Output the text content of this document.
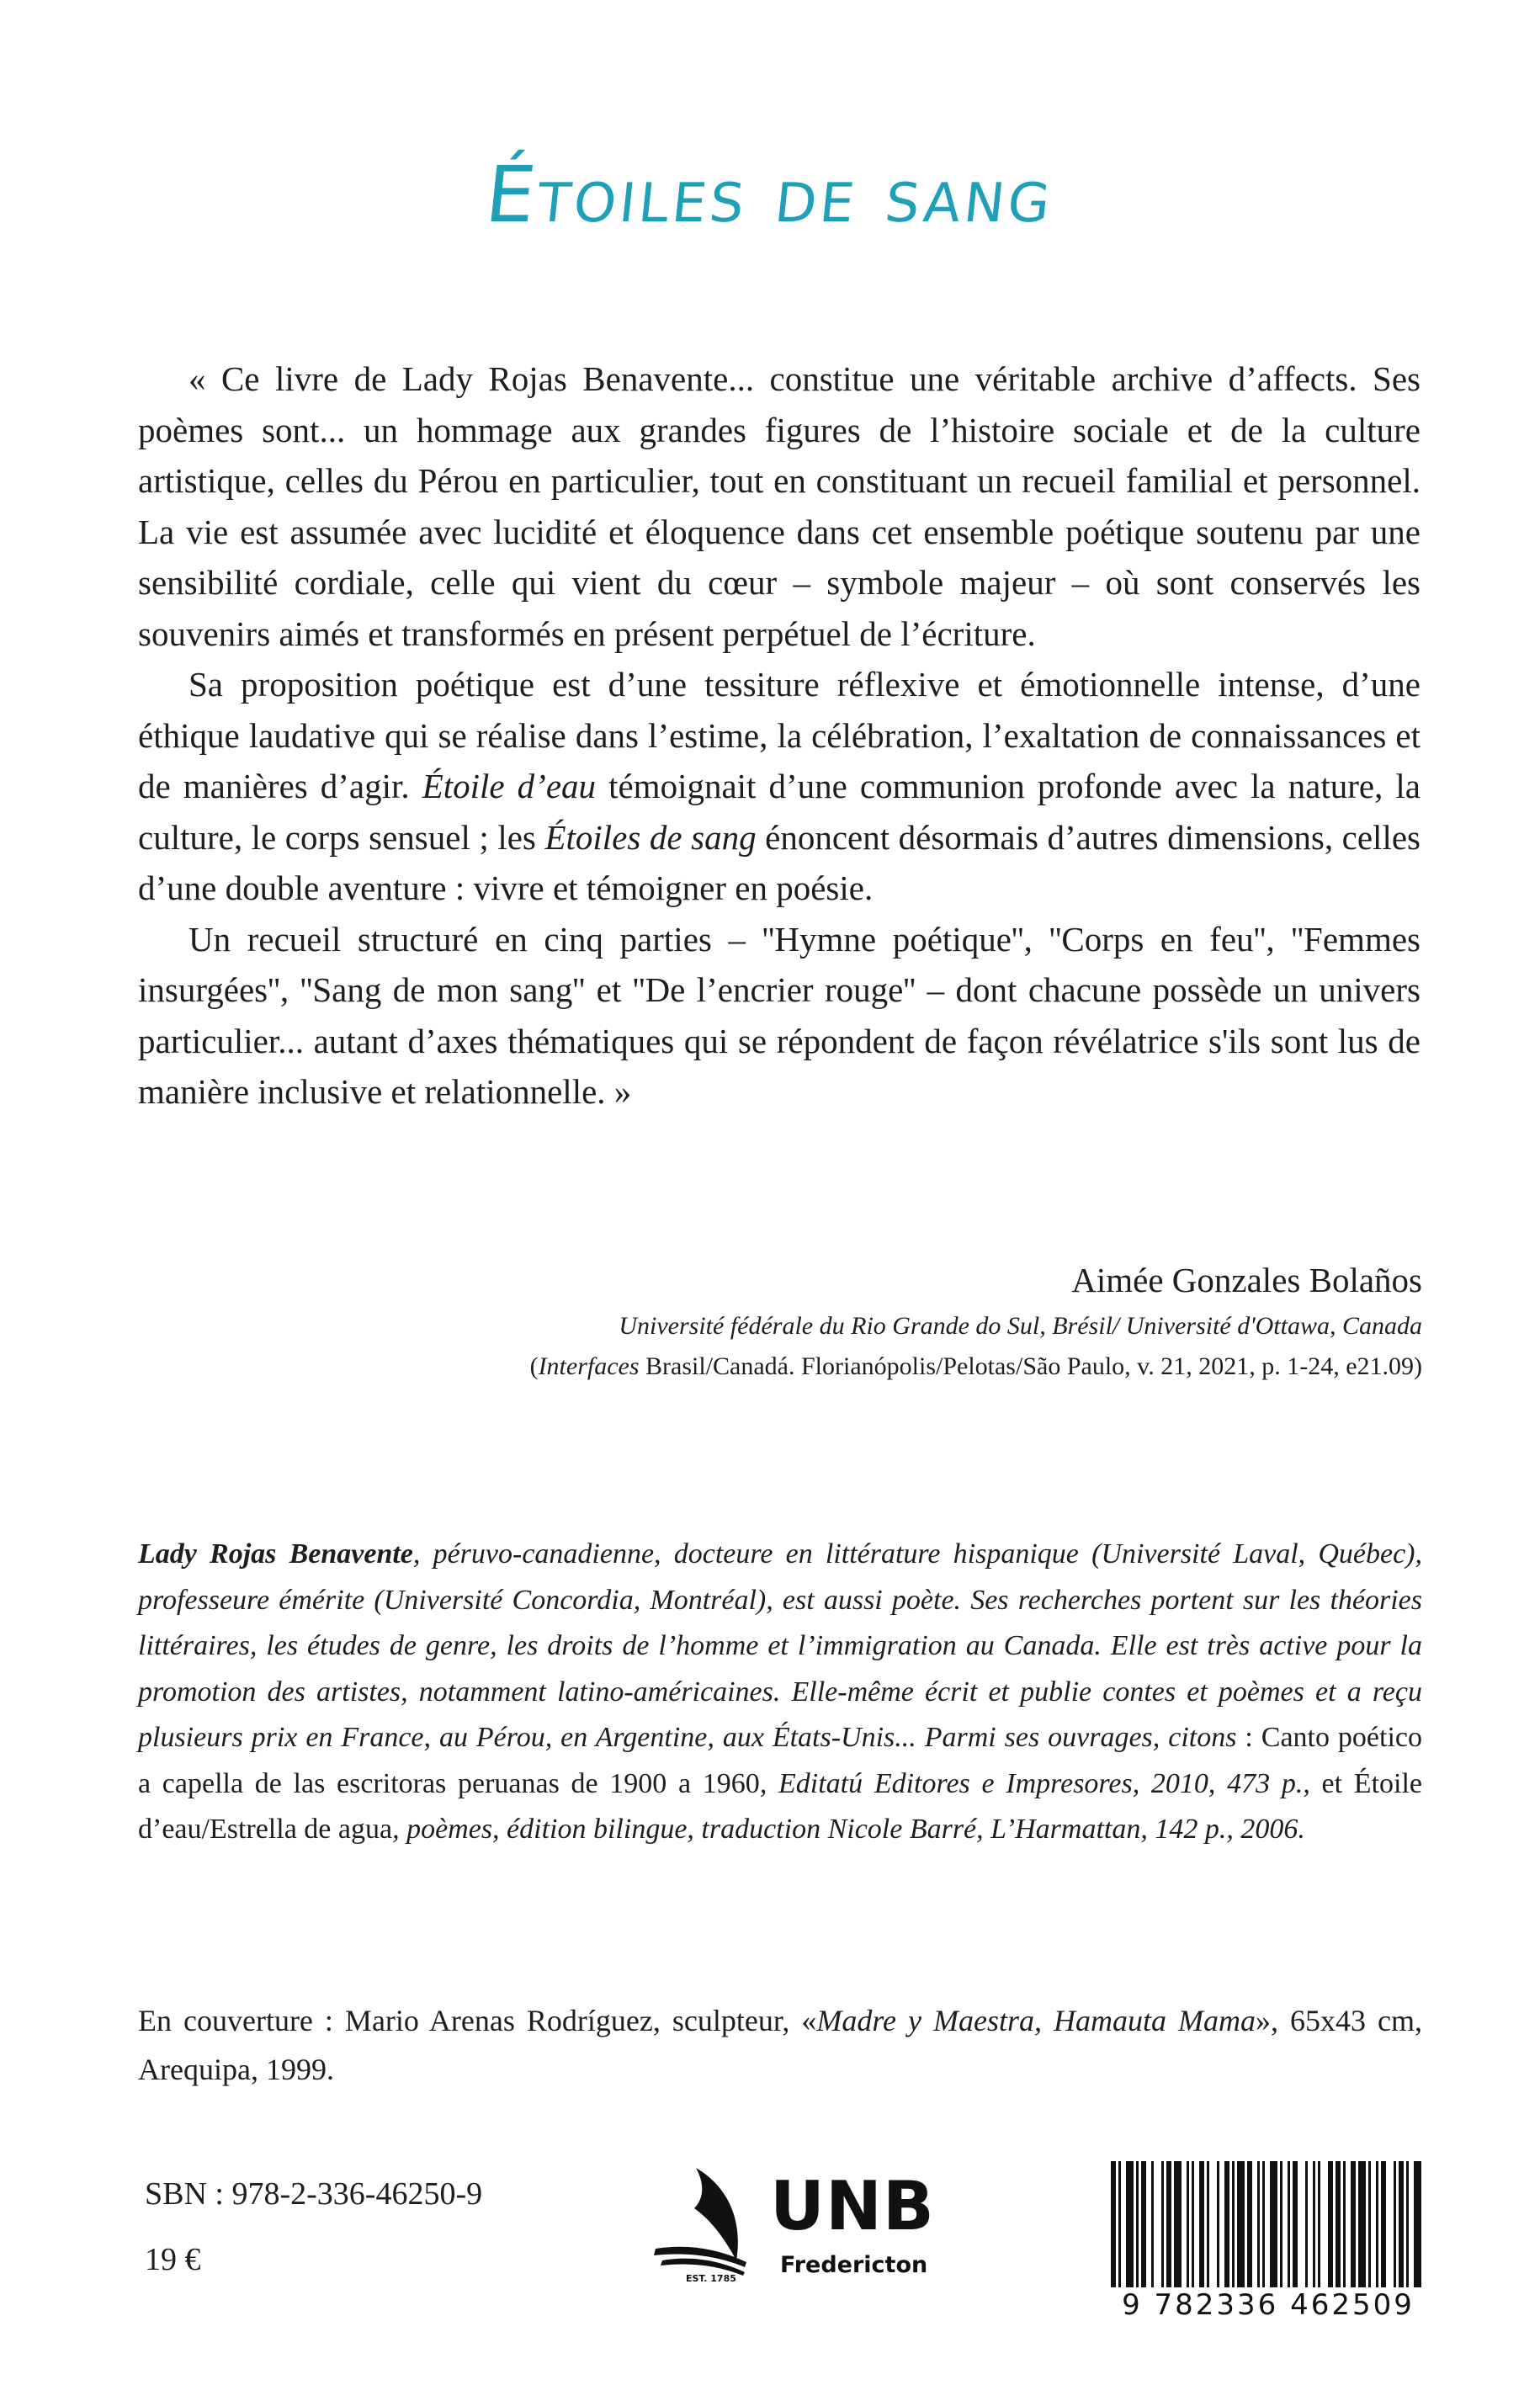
Étoiles de sang

« Ce livre de Lady Rojas Benavente... constitue une véritable archive d’affects. Ses poèmes sont... un hommage aux grandes figures de l’histoire sociale et de la culture artistique, celles du Pérou en particulier, tout en constituant un recueil familial et personnel. La vie est assumée avec lucidité et éloquence dans cet ensemble poétique soutenu par une sensibilité cordiale, celle qui vient du cœur – symbole majeur – où sont conservés les souvenirs aimés et transformés en présent perpétuel de l’écriture.

Sa proposition poétique est d’une tessiture réflexive et émotionnelle intense, d’une éthique laudative qui se réalise dans l’estime, la célébration, l’exaltation de connaissances et de manières d’agir. Étoile d’eau témoignait d’une communion profonde avec la nature, la culture, le corps sensuel ; les Étoiles de sang énoncent désormais d’autres dimensions, celles d’une double aventure : vivre et témoigner en poésie.

Un recueil structuré en cinq parties – ''Hymne poétique'', ''Corps en feu'', ''Femmes insurgées'', ''Sang de mon sang'' et ''De l’encrier rouge'' – dont chacune possède un univers particulier... autant d’axes thématiques qui se répondent de façon révélatrice s'ils sont lus de manière inclusive et relationnelle. »

Aimée Gonzales Bolaños
Université fédérale du Rio Grande do Sul, Brésil/ Université d'Ottawa, Canada
(Interfaces Brasil/Canadá. Florianópolis/Pelotas/São Paulo, v. 21, 2021, p. 1-24, e21.09)
Lady Rojas Benavente, péruvo-canadienne, docteure en littérature hispanique (Université Laval, Québec), professeure émérite (Université Concordia, Montréal), est aussi poète. Ses recherches portent sur les théories littéraires, les études de genre, les droits de l’homme et l’immigration au Canada. Elle est très active pour la promotion des artistes, notamment latino-américaines. Elle-même écrit et publie contes et poèmes et a reçu plusieurs prix en France, au Pérou, en Argentine, aux États-Unis... Parmi ses ouvrages, citons : Canto poético a capella de las escritoras peruanas de 1900 a 1960, Editatú Editores e Impresores, 2010, 473 p., et Étoile d’eau/Estrella de agua, poèmes, édition bilingue, traduction Nicole Barré, L’Harmattan, 142 p., 2006.
En couverture : Mario Arenas Rodríguez, sculpteur, «Madre y Maestra, Hamauta Mama», 65x43 cm, Arequipa, 1999.
SBN : 978-2-336-46250-9
19 €
UNB
Fredericton
EST. 1785
9 782336 462509
